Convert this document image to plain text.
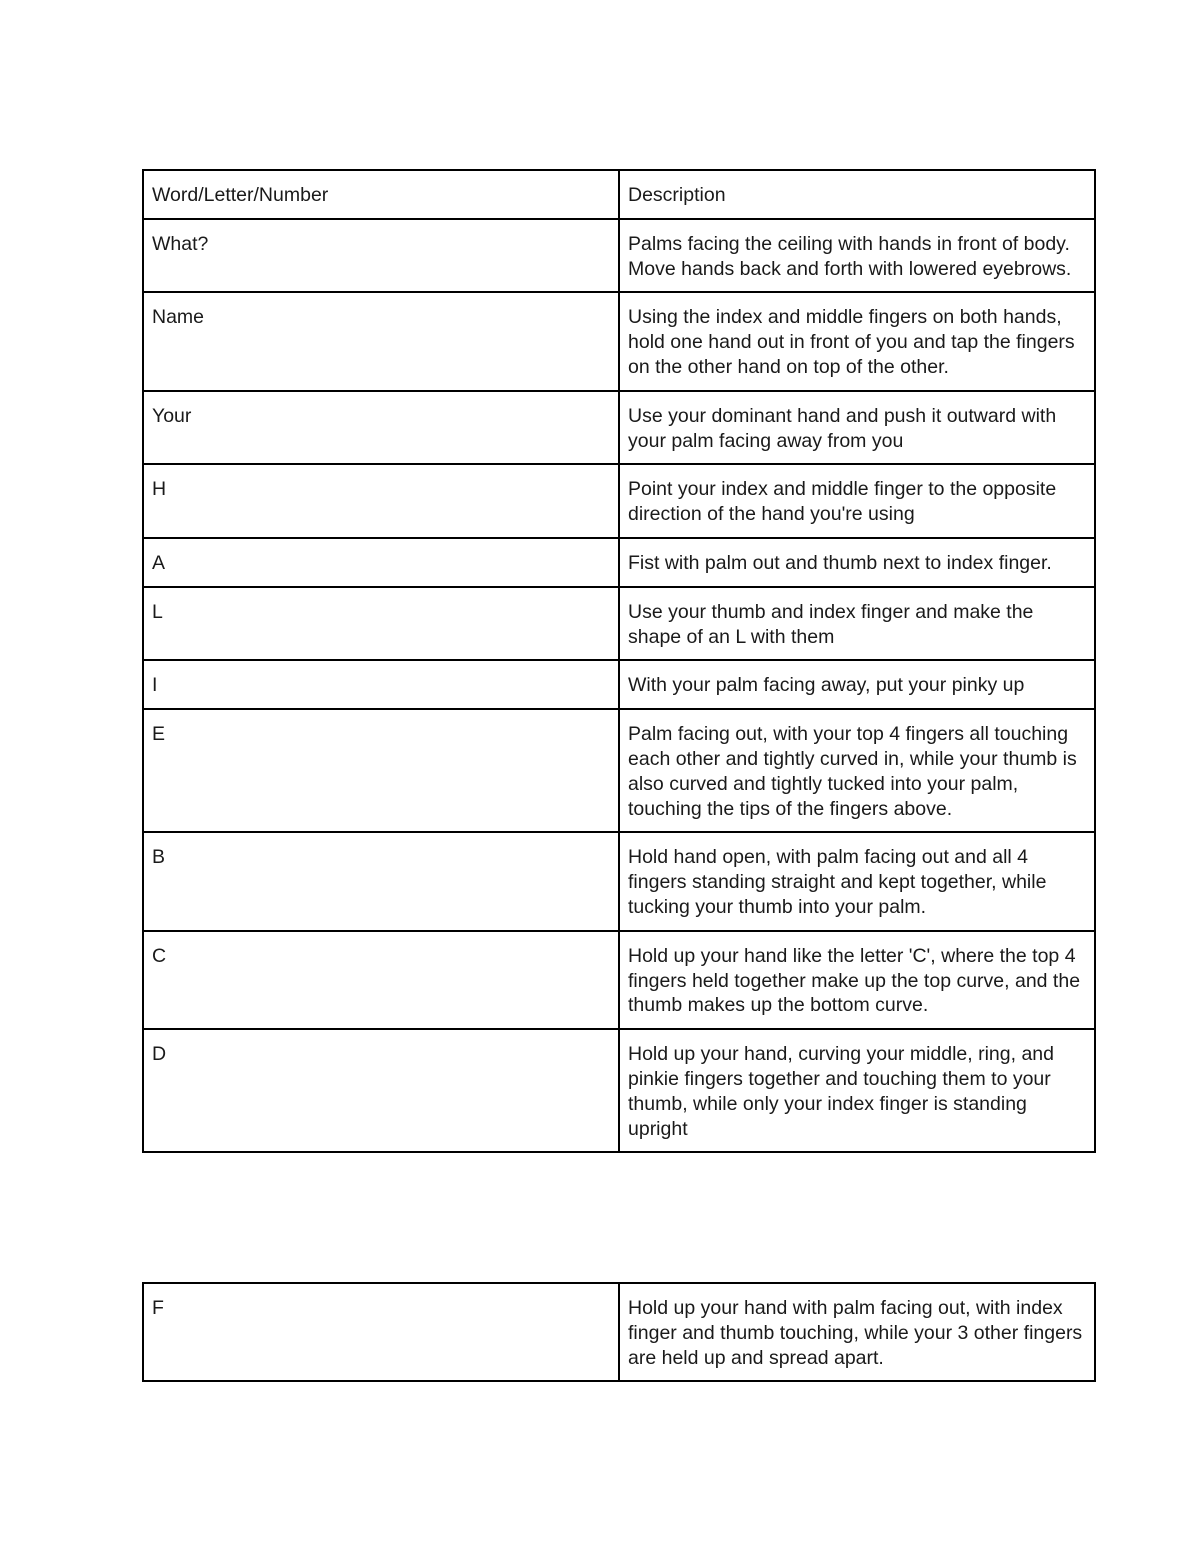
Word/Letter/Number	Description
What?	Palms facing the ceiling with hands in front of body. Move hands back and forth with lowered eyebrows.
Name	Using the index and middle fingers on both hands, hold one hand out in front of you and tap the fingers on the other hand on top of the other.
Your	Use your dominant hand and push it outward with your palm facing away from you
H	Point your index and middle finger to the opposite direction of the hand you're using
A	Fist with palm out and thumb next to index finger.
L	Use your thumb and index finger and make the shape of an L with them
I	With your palm facing away, put your pinky up
E	Palm facing out, with your top 4 fingers all touching each other and tightly curved in, while your thumb is also curved and tightly tucked into your palm, touching the tips of the fingers above.
B	Hold hand open, with palm facing out and all 4 fingers standing straight and kept together, while tucking your thumb into your palm.
C	Hold up your hand like the letter 'C', where the top 4 fingers held together make up the top curve, and the thumb makes up the bottom curve.
D	Hold up your hand, curving your middle, ring, and pinkie fingers together and touching them to your thumb, while only your index finger is standing upright
F	Hold up your hand with palm facing out, with index finger and thumb touching, while your 3 other fingers are held up and spread apart.
